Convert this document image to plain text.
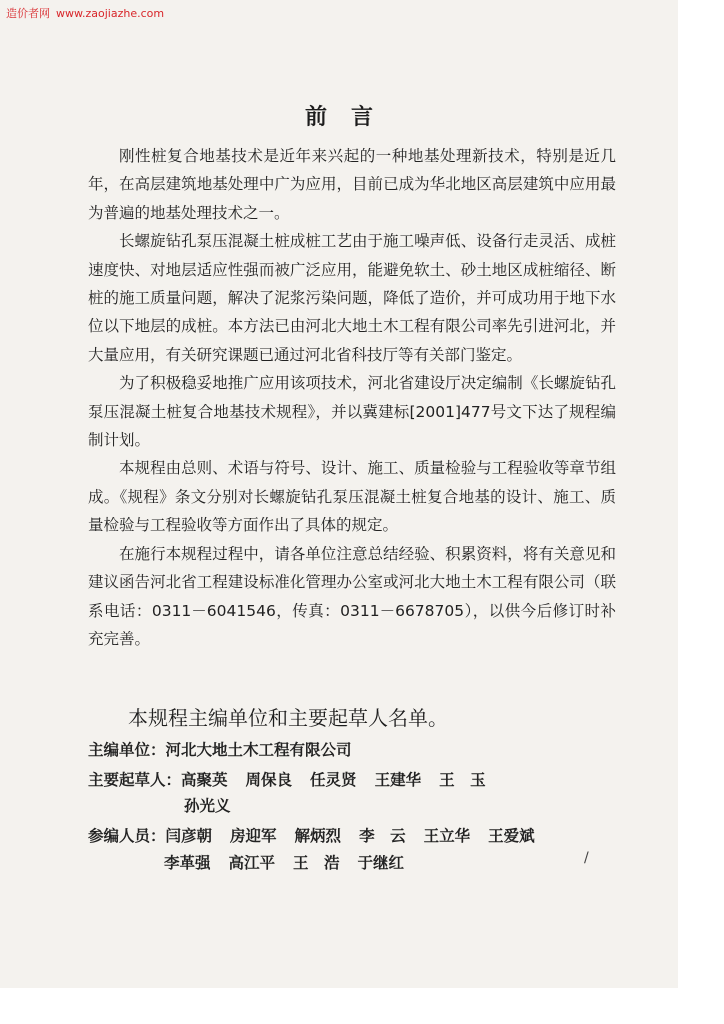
造价者网 www.zaojiazhe.com
前言

刚性桩复合地基技术是近年来兴起的一种地基处理新技术，特别是近几年，在高层建筑地基处理中广为应用，目前已成为华北地区高层建筑中应用最为普遍的地基处理技术之一。

长螺旋钻孔泵压混凝土桩成桩工艺由于施工噪声低、设备行走灵活、成桩速度快、对地层适应性强而被广泛应用，能避免软土、砂土地区成桩缩径、断桩的施工质量问题，解决了泥浆污染问题，降低了造价，并可成功用于地下水位以下地层的成桩。本方法已由河北大地土木工程有限公司率先引进河北，并大量应用，有关研究课题已通过河北省科技厅等有关部门鉴定。

为了积极稳妥地推广应用该项技术，河北省建设厅决定编制《长螺旋钻孔泵压混凝土桩复合地基技术规程》，并以冀建标[2001]477号文下达了规程编制计划。

本规程由总则、术语与符号、设计、施工、质量检验与工程验收等章节组成。《规程》条文分别对长螺旋钻孔泵压混凝土桩复合地基的设计、施工、质量检验与工程验收等方面作出了具体的规定。

在施行本规程过程中，请各单位注意总结经验、积累资料，将有关意见和建议函告河北省工程建设标准化管理办公室或河北大地土木工程有限公司（联系电话：0311－6041546，传真：0311－6678705），以供今后修订时补充完善。

本规程主编单位和主要起草人名单。
主编单位：河北大地土木工程有限公司
主要起草人：高聚英 周保良 任灵贤 王建华 王　玉
孙光义
参编人员：闫彦朝 房迎军 解炳烈 李　云 王立华 王爱斌
李革强 高江平 王　浩 于继红	/
